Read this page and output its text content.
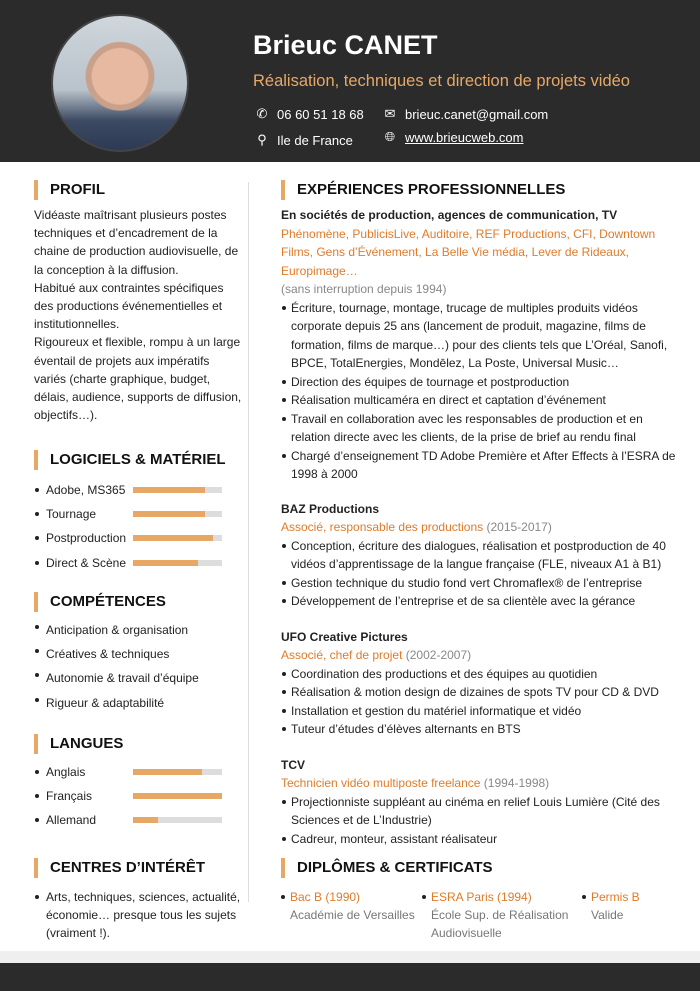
Brieuc CANET
Réalisation, techniques et direction de projets vidéo
✆ 06 60 51 18 68
⚲ Ile de France
✉ brieuc.canet@gmail.com
🌐︎ www.brieucweb.com
PROFIL

Vidéaste maîtrisant plusieurs postes techniques et d’encadrement de la chaine de production audiovisuelle, de la conception à la diffusion.

Habitué aux contraintes spécifiques des productions événementielles et institutionnelles.

Rigoureux et flexible, rompu à un large éventail de projets aux impératifs variés (charte graphique, budget, délais, audience, supports de diffusion, objectifs…).

LOGICIELS & MATÉRIEL
Adobe, MS365
Tournage
Postproduction
Direct & Scène
COMPÉTENCES
Anticipation & organisation
Créatives & techniques
Autonomie & travail d’équipe
Rigueur & adaptabilité
LANGUES
Anglais
Français
Allemand
CENTRES D’INTÉRÊT
Arts, techniques, sciences, actualité, économie… presque tous les sujets (vraiment !).
EXPÉRIENCES PROFESSIONNELLES
En sociétés de production, agences de communication, TV
Phénomène, PublicisLive, Auditoire, REF Productions, CFI, Downtown Films, Gens d’Événement, La Belle Vie média, Lever de Rideaux, Europimage…
(sans interruption depuis 1994)
Écriture, tournage, montage, trucage de multiples produits vidéos corporate depuis 25 ans (lancement de produit, magazine, films de formation, films de marque…) pour des clients tels que L’Oréal, Sanofi, BPCE, TotalEnergies, Mondēlez, La Poste, Universal Music…
Direction des équipes de tournage et postproduction
Réalisation multicaméra en direct et captation d’événement
Travail en collaboration avec les responsables de production et en relation directe avec les clients, de la prise de brief au rendu final
Chargé d’enseignement TD Adobe Première et After Effects à l’ESRA de 1998 à 2000
BAZ Productions
Associé, responsable des productions (2015-2017)
Conception, écriture des dialogues, réalisation et postproduction de 40 vidéos d’apprentissage de la langue française (FLE, niveaux A1 à B1)
Gestion technique du studio fond vert Chromaflex® de l’entreprise
Développement de l’entreprise et de sa clientèle avec la gérance
UFO Creative Pictures
Associé, chef de projet (2002-2007)
Coordination des productions et des équipes au quotidien
Réalisation & motion design de dizaines de spots TV pour CD & DVD
Installation et gestion du matériel informatique et vidéo
Tuteur d’études d’élèves alternants en BTS
TCV
Technicien vidéo multiposte freelance (1994-1998)
Projectionniste suppléant au cinéma en relief Louis Lumière (Cité des Sciences et de L’Industrie)
Cadreur, monteur, assistant réalisateur
DIPLÔMES & CERTIFICATS
Bac B (1990)
Académie de Versailles
ESRA Paris (1994)
École Sup. de Réalisation Audiovisuelle
Permis B
Valide
